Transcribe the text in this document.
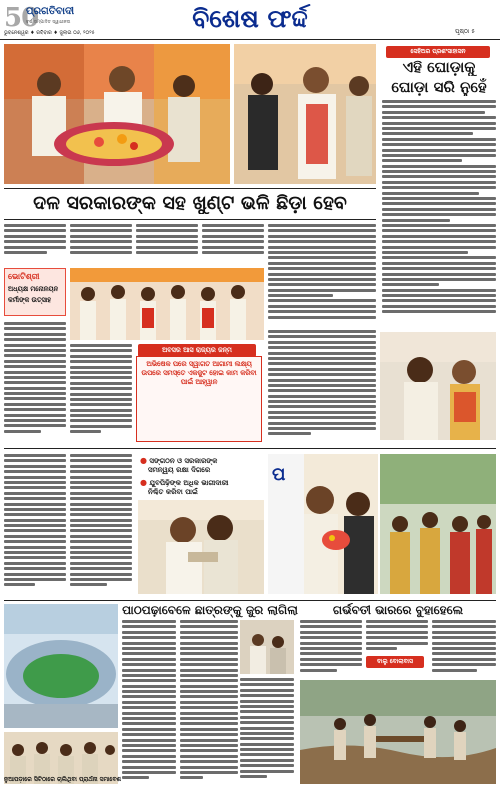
50
ପ୍ରଗତିବାଦୀ
ବର୍ଷ ସମ୍ପାଦିତ ସ୍ୱାଧୀନତା
ଭୁବନେଶ୍ୱର ♦ ରବିବାର ♦ ଜୁଲାଇ ୦୬, ୨୦୨୫	ବିଶେଷ ଫର୍ଦ୍ଦ	ପୃଷ୍ଠା ୫
ସେହିଅର ପ୍ରଶଂସାହାସନ
ଏହି ଘୋଡ଼ାକୁ
ଘୋଡ଼ା ସରି ନୁହେଁ
ଦଳ ସରକାରଙ୍କ ସହ ଖୁଣ୍ଟ ଭଳି ଛିଡ଼ା ହେବ
ଭୋଟିଶ୍ରୀ
ଅଧ୍ୟକ୍ଷ ମନୋନୟନ
କର୍ମୀଙ୍କ ଉତ୍ସାହ
ଅବସର ଆସ ରାଜ୍ୟର ଜନ୍ମ
ଅଭିଷେକ ପରେ ସ୍ୱାଗତ ଆଗାମୀ ଲକ୍ଷ୍ୟ ଉପରେ ସମସ୍ତେ ଏକଜୁଟ ହୋଇ କାମ କରିବା ପାଇଁ ଆହ୍ୱାନ
● ସଙ୍ଗଠନ ଓ ସରକାରଙ୍କ
ସମନ୍ୱୟ ରକ୍ଷା ଦିଗରେ
● ଯୁବପିଢ଼ିଙ୍କ ଅଧିକ ଭାଗୀଦାରୀ
ନିଶ୍ଚିତ କରିବା ପାଇଁ
ପ
ପାଠପଢ଼ାବେଳେ ଛାତ୍ରଙ୍କୁ ଜୁର ଲାଗିଲା	ଗର୍ଭବତୀ ଭାରରେ ବୁହାହେଲେ
ବାଲୁ ବୋଲାବାସ
ନୁଆପଡ଼ାରେ ସିଟିଠାରେ ଚାଲିଥିବା ପ୍ରାର୍ଥନା ସମାବେଶ
